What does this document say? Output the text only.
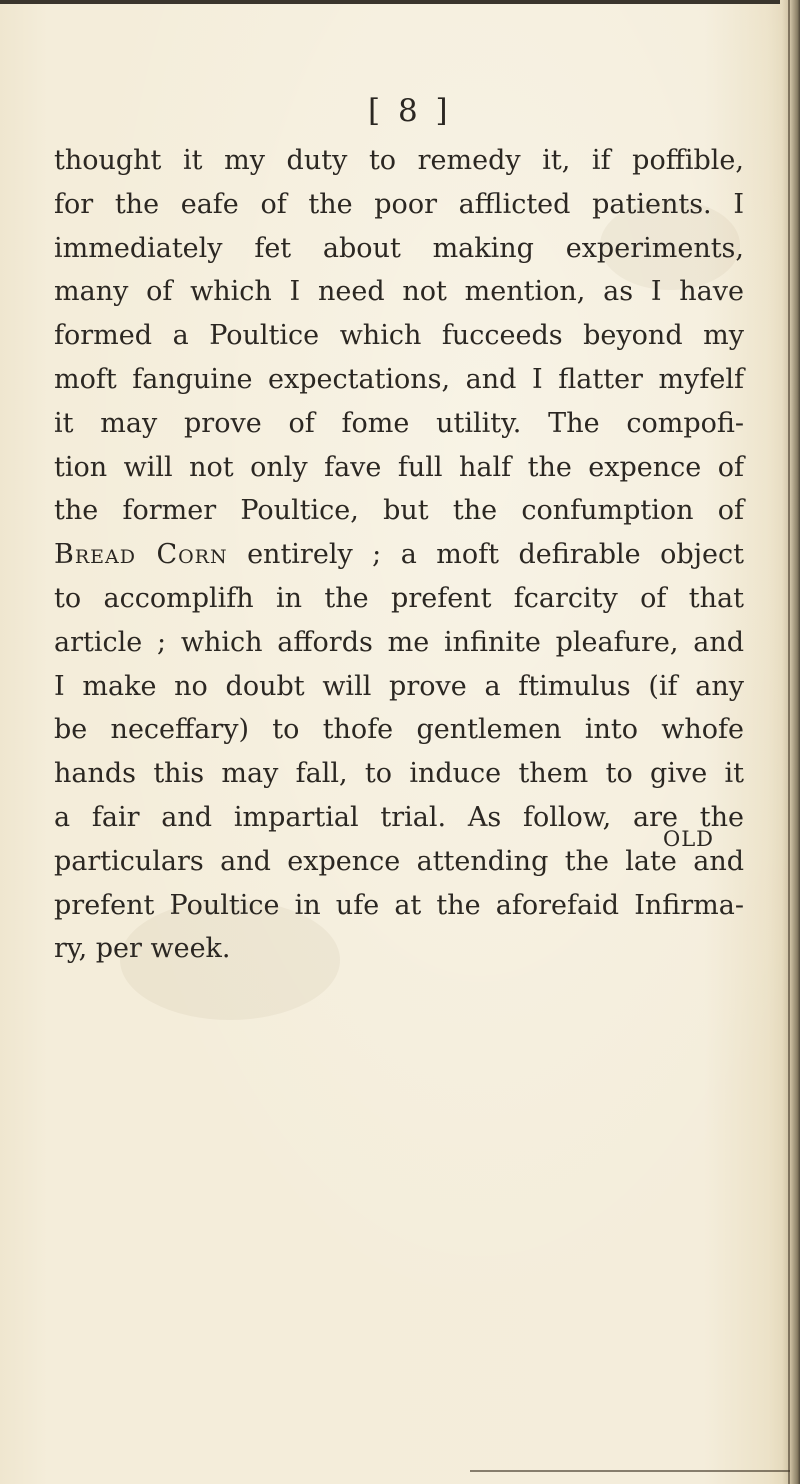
[ 8 ]
thought it my duty to remedy it, if poffible,
for the eafe of the poor afflicted patients. I
immediately fet about making experiments,
many of which I need not mention, as I have
formed a Poultice which fucceeds beyond my
moft fanguine expectations, and I flatter myfelf
it may prove of fome utility. The compofi-
tion will not only fave full half the expence of
the former Poultice, but the confumption of
Bread Corn entirely ; a moft defirable object
to accomplifh in the prefent fcarcity of that
article ; which affords me infinite pleafure, and
I make no doubt will prove a ftimulus (if any
be neceffary) to thofe gentlemen into whofe
hands this may fall, to induce them to give it
a fair and impartial trial. As follow, are the
particulars and expence attending the late and
prefent Poultice in ufe at the aforefaid Infirma-
ry, per week.

OLD
